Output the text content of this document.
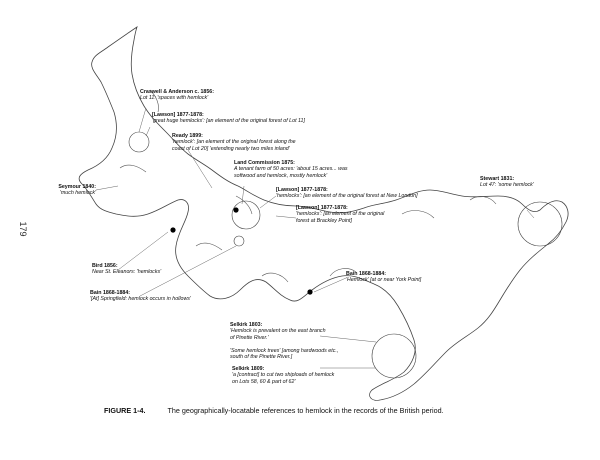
179
Craswell & Anderson c. 1856:
Lot 11: 'spaces with hemlock'
[Lawson] 1877-1878:
'great huge hemlocks': [an element of the original forest of Lot 11]
Ready 1899:
'hemlock': [an element of the original forest along the coast of Lot 20] 'extending nearly two miles inland'
Land Commission 1875:
A tenant farm of 50 acres: 'about 15 acres... was softwood and hemlock, mostly hemlock'
Seymour 1840:
'much hemlock'
[Lawson] 1877-1878:
'hemlocks': [an element of the original forest at New London]
[Lawson] 1877-1878:
'hemlocks': [an element of the original forest at Brackley Point]
Stewart 1831:
Lot 47: 'some hemlock'
Bird 1856:
Near St. Eleanors: 'hemlocks'	Bain 1868-1884:
'Hemlock' [at or near York Point]
Bain 1868-1884:
'[At] Springfield: hemlock occurs in hollows'
Selkirk 1803:
'Hemlock is prevalent on the east branch of Pinette River.'
'Some hemlock trees' [among hardwoods etc., south of the Pinette River.]
Selkirk 1809:
'a [contract] to cut two shiploads of hemlock on Lots 58, 60 & part of 62'
FIGURE 1-4.	The geographically-locatable references to hemlock in the records of the British period.
